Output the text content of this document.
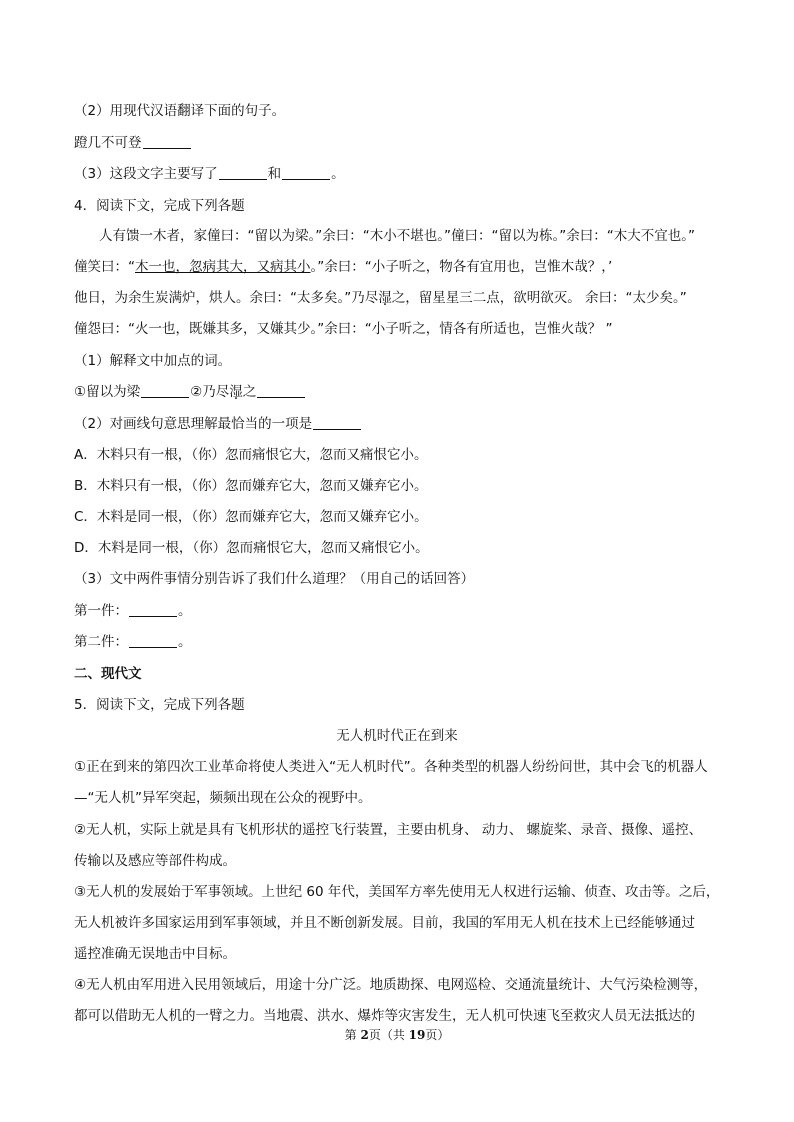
（2）用现代汉语翻译下面的句子。
蹬几不可登
（3）这段文字主要写了	和	。
4．阅读下文，完成下列各题
人有馈一木者，家僮曰：“留以为梁。”余曰：“木小不堪也。”僮曰：“留以为栋。”余曰：“木大不宜也。”
僮笑曰：“木一也，忽病其大，又病其小。”余曰：“小子听之，物各有宜用也，岂惟木哉？，’
他日，为余生炭满炉，烘人。余曰：“太多矣。”乃尽湿之，留星星三二点，欲明欲灭。 余曰：“太少矣。”
僮怨曰：“火一也，既嫌其多，又嫌其少。”余曰：“小子听之，情各有所适也，岂惟火哉？ ”
（1）解释文中加点的词。
①留以为梁	②乃尽湿之
（2）对画线句意思理解最恰当的一项是
A．木料只有一根，（你）忽而痛恨它大，忽而又痛恨它小。
B．木料只有一根，（你）忽而嫌弃它大，忽而又嫌弃它小。
C．木料是同一根，（你）忽而嫌弃它大，忽而又嫌弃它小。
D．木料是同一根，（你）忽而痛恨它大，忽而又痛恨它小。
（3）文中两件事情分别告诉了我们什么道理？（用自己的话回答）
第一件：	。
第二件：	。
二、现代文
5．阅读下文，完成下列各题
无人机时代正在到来
①正在到来的第四次工业革命将使人类进入“无人机时代”。各种类型的机器人纷纷问世，其中会飞的机器人
—“无人机”异军突起，频频出现在公众的视野中。
②无人机，实际上就是具有飞机形状的遥控飞行装置，主要由机身、 动力、 螺旋桨、录音、摄像、遥控、
传输以及感应等部件构成。
③无人机的发展始于军事领域。上世纪 60 年代，美国军方率先使用无人权进行运输、侦查、攻击等。之后，
无人机被许多国家运用到军事领域，并且不断创新发展。目前，我国的军用无人机在技术上已经能够通过
遥控准确无误地击中目标。
④无人机由军用进入民用领域后，用途十分广泛。地质勘探、电网巡检、交通流量统计、大气污染检测等，
都可以借助无人机的一臂之力。当地震、洪水、爆炸等灾害发生，无人机可快速飞至救灾人员无法抵达的
第 2页（共 19页）
